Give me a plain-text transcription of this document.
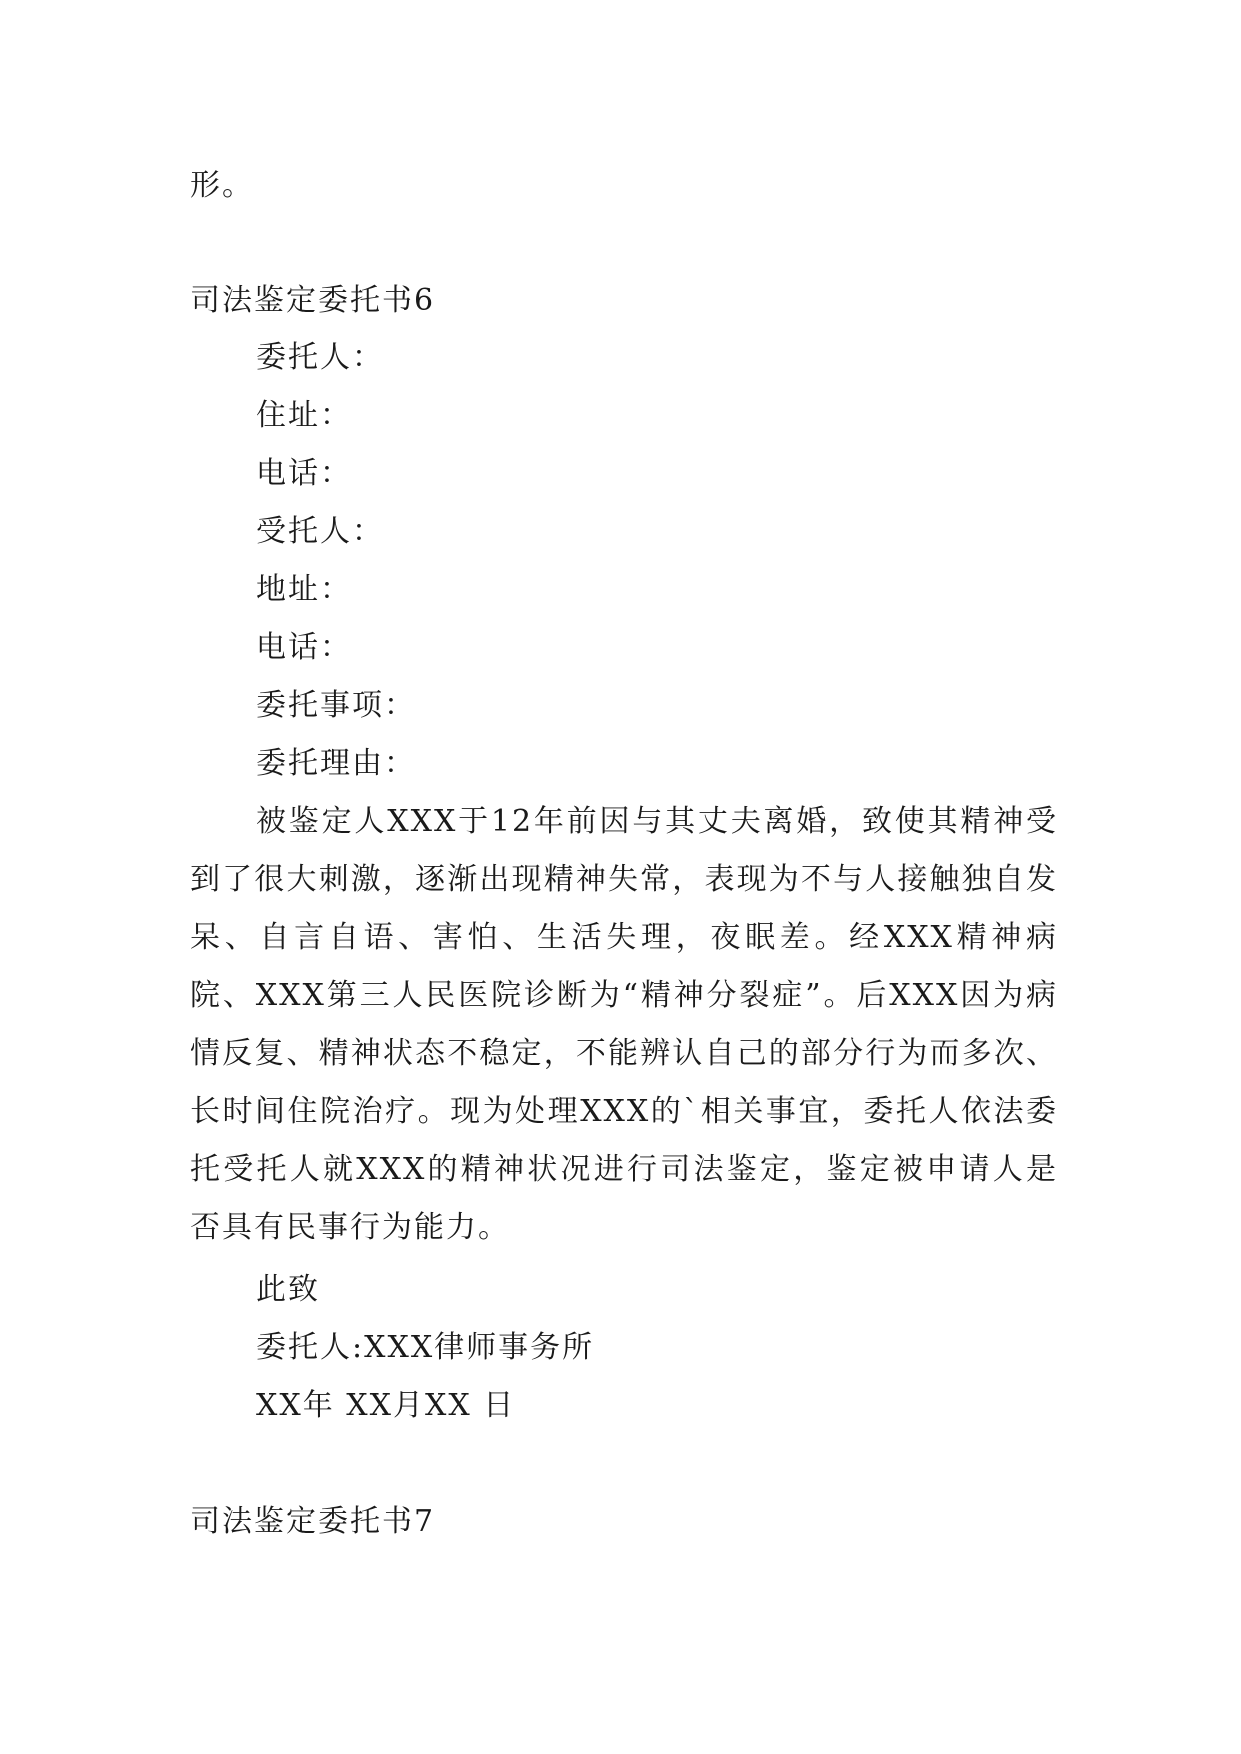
形。
司法鉴定委托书6
委托人：
住址：
电话：
受托人：
地址：
电话：
委托事项：
委托理由：
被鉴定人XXX于12年前因与其丈夫离婚，致使其精神受到了很大刺激，逐渐出现精神失常，表现为不与人接触独自发呆、自言自语、害怕、生活失理，夜眠差。经XXX精神病院、XXX第三人民医院诊断为“精神分裂症”。后XXX因为病情反复、精神状态不稳定，不能辨认自己的部分行为而多次、长时间住院治疗。现为处理XXX的`相关事宜，委托人依法委托受托人就XXX的精神状况进行司法鉴定，鉴定被申请人是否具有民事行为能力。
此致
委托人:XXX律师事务所
XX年 XX月XX 日
司法鉴定委托书7
